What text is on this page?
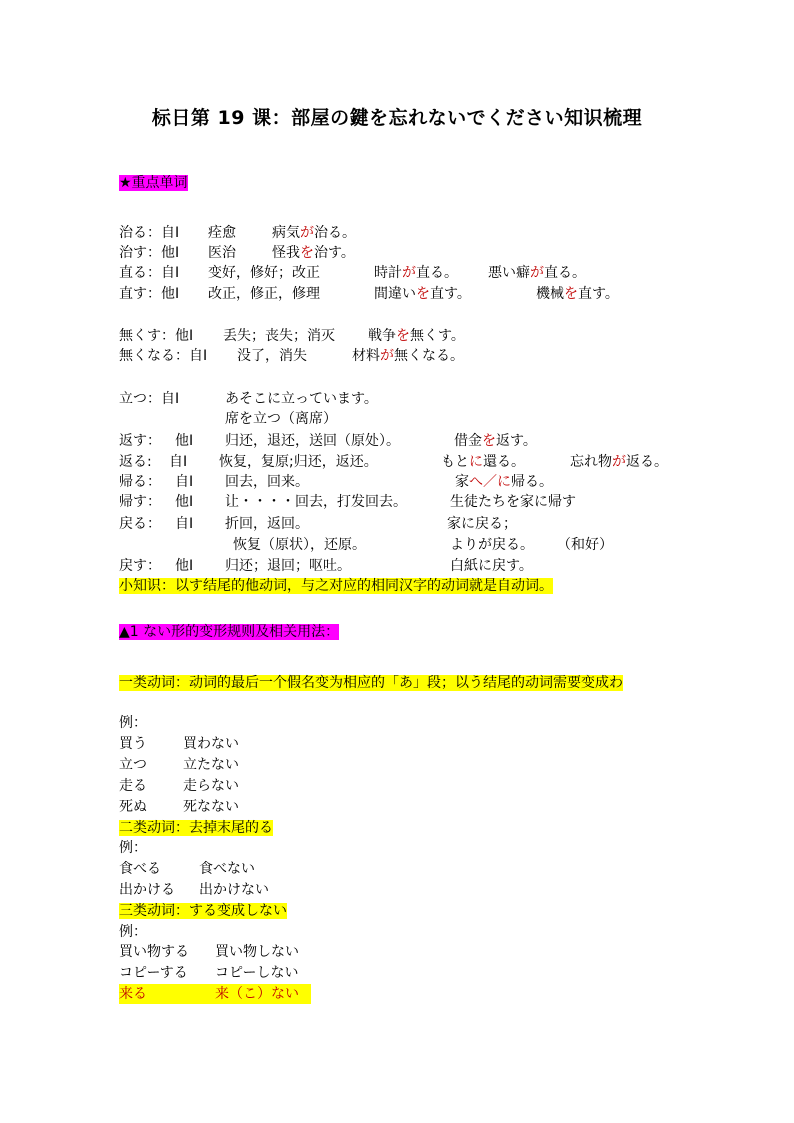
标日第 19 课：部屋の鍵を忘れないでください知识梳理
★重点单词
治る：自Ⅰ 痊愈	病気が治る。
治す：他Ⅰ 医治	怪我を治す。
直る：自Ⅰ 变好，修好；改正	時計が直る。 悪い癖が直る。
直す：他Ⅰ 改正，修正，修理	間違いを直す。	機械を直す。
無くす：他Ⅰ 丢失；丧失；消灭 戦争を無くす。
無くなる：自Ⅰ 没了，消失	材料が無くなる。
立つ：自Ⅰ	あそこに立っています。
席を立つ（离席）
返す： 他Ⅰ 归还，退还，送回（原处）。	借金を返す。
返る: 自Ⅰ 恢复，复原;归还，返还。	もとに還る。	忘れ物が返る。
帰る： 自Ⅰ 回去，回来。	家へ／に帰る。
帰す： 他Ⅰ 让・・・・回去，打发回去。	生徒たちを家に帰す
戻る： 自Ⅰ 折回，返回。	家に戻る；
恢复（原状），还原。	よりが戻る。 （和好）
戻す： 他Ⅰ 归还；退回；呕吐。	白紙に戻す。
小知识：以す结尾的他动词，与之对应的相同汉字的动词就是自动词。
▲1 ない形的变形规则及相关用法：
一类动词：动词的最后一个假名变为相应的「あ」段；以う结尾的动词需要变成わ
例：
買う	買わない
立つ	立たない
走る	走らない
死ぬ	死なない
二类动词：去掉末尾的る
例：
食べる	食べない
出かける 出かけない
三类动词：する变成しない
例：
買い物する 買い物しない
コピーする コピーしない
来る	来（こ）ない
